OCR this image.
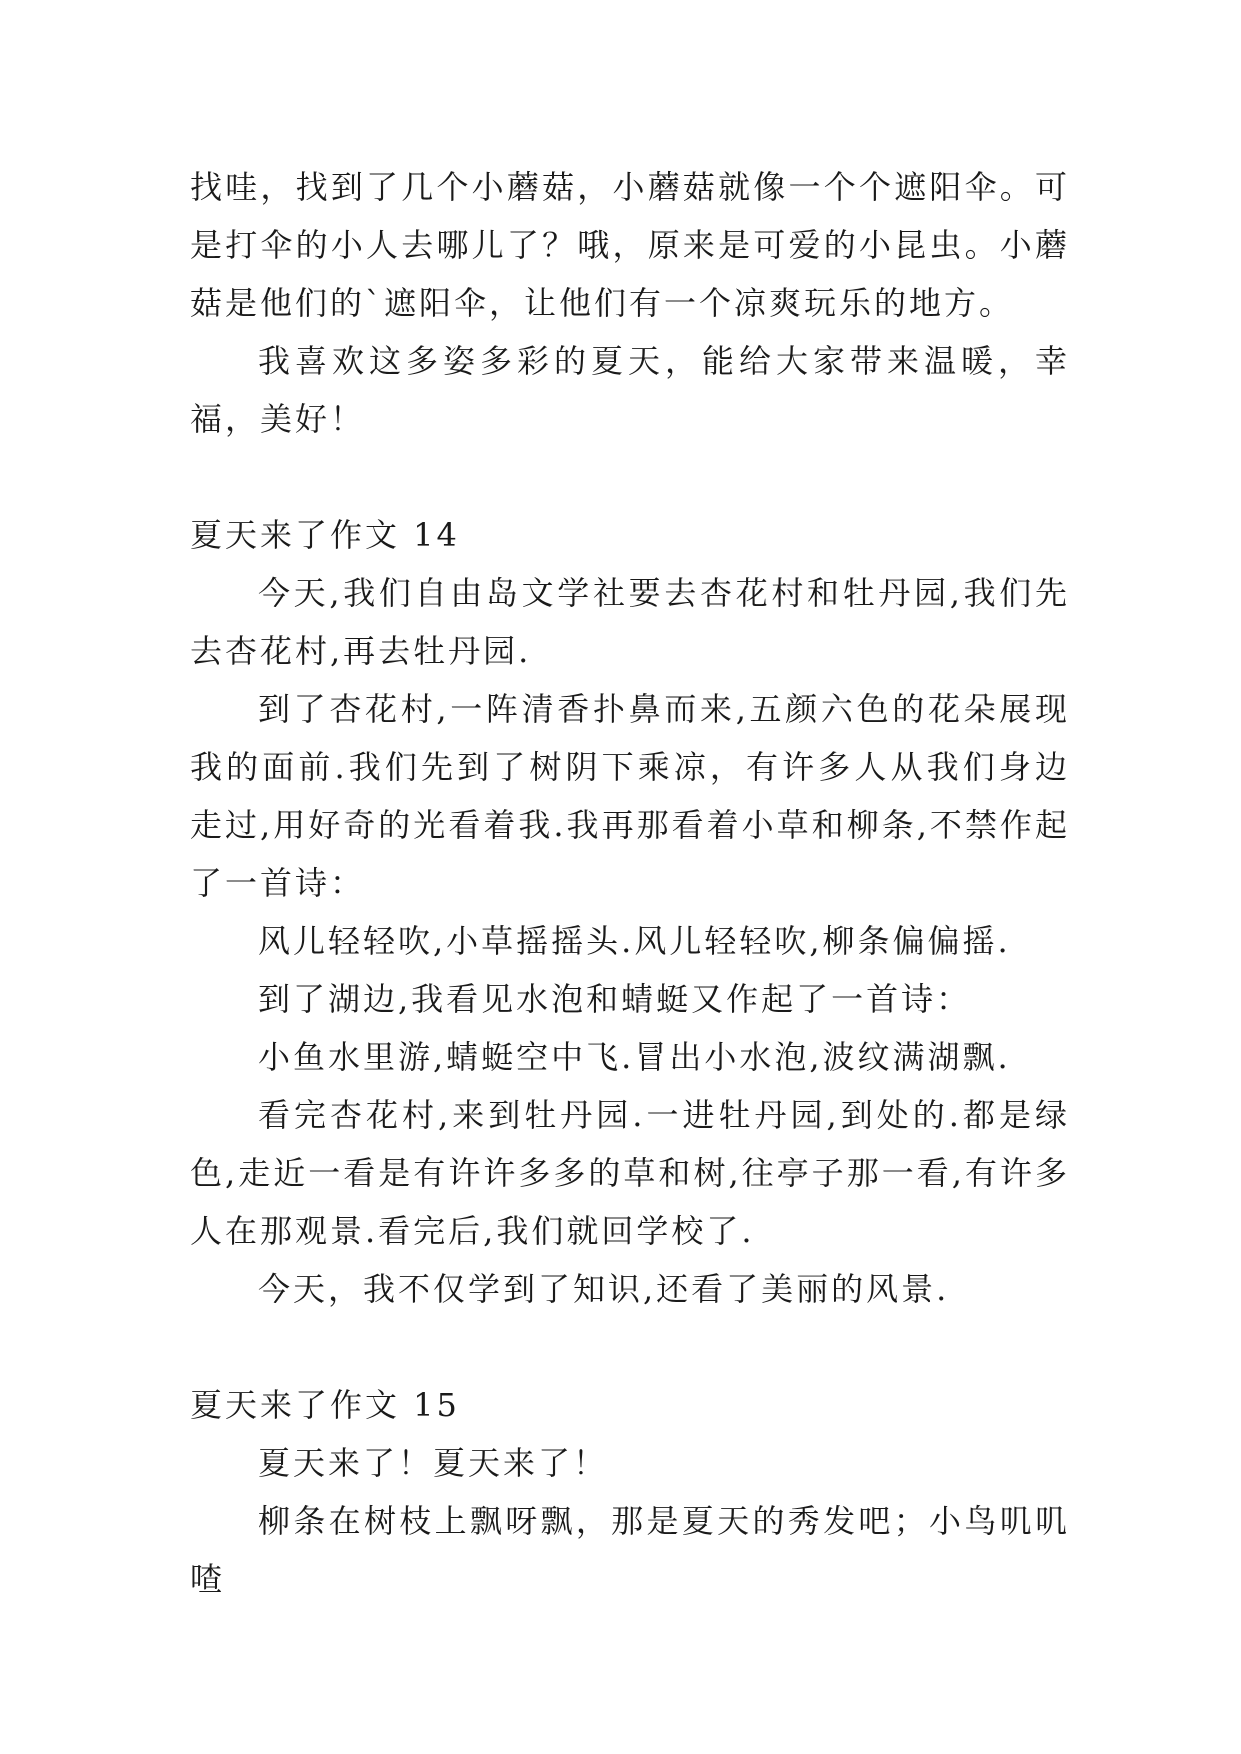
找哇，找到了几个小蘑菇，小蘑菇就像一个个遮阳伞。可是打伞的小人去哪儿了？哦，原来是可爱的小昆虫。小蘑菇是他们的`遮阳伞，让他们有一个凉爽玩乐的地方。

我喜欢这多姿多彩的夏天，能给大家带来温暖，幸福，美好！

夏天来了作文 14

今天,我们自由岛文学社要去杏花村和牡丹园,我们先去杏花村,再去牡丹园.

到了杏花村,一阵清香扑鼻而来,五颜六色的花朵展现我的面前.我们先到了树阴下乘凉，有许多人从我们身边走过,用好奇的光看着我.我再那看着小草和柳条,不禁作起了一首诗：

风儿轻轻吹,小草摇摇头.风儿轻轻吹,柳条偏偏摇.

到了湖边,我看见水泡和蜻蜓又作起了一首诗：

小鱼水里游,蜻蜓空中飞.冒出小水泡,波纹满湖飘.

看完杏花村,来到牡丹园.一进牡丹园,到处的.都是绿色,走近一看是有许许多多的草和树,往亭子那一看,有许多人在那观景.看完后,我们就回学校了.

今天，我不仅学到了知识,还看了美丽的风景.

夏天来了作文 15

夏天来了！夏天来了！

柳条在树枝上飘呀飘，那是夏天的秀发吧；小鸟叽叽喳
